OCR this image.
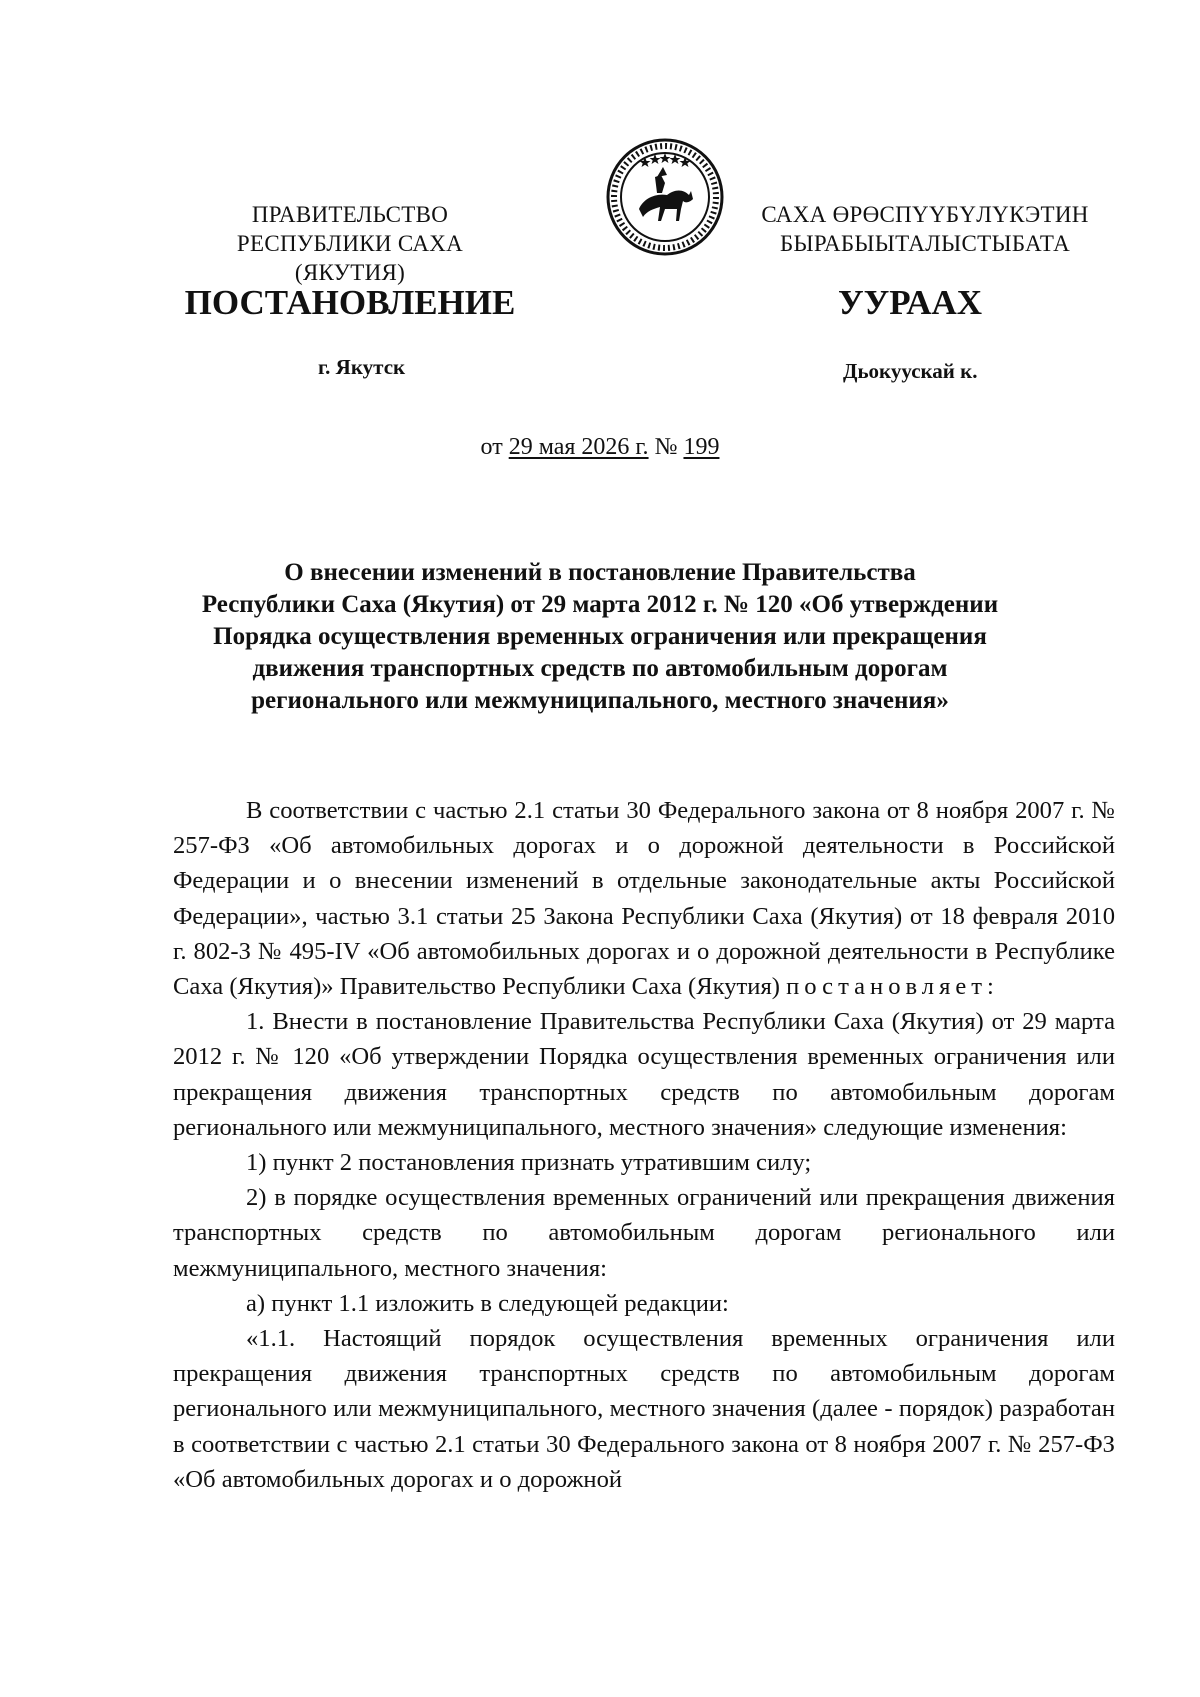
ПРАВИТЕЛЬСТВО
РЕСПУБЛИКИ САХА (ЯКУТИЯ)
САХА ӨРӨСПҮҮБҮЛҮКЭТИН
БЫРАБЫЫТАЛЫСТЫБАТА
ПОСТАНОВЛЕНИЕ	УУРААХ
г. Якутск	Дьокуускай к.
от 29 мая 2026 г. № 199
О внесении изменений в постановление Правительства
Республики Саха (Якутия) от 29 марта 2012 г. № 120 «Об утверждении
Порядка осуществления временных ограничения или прекращения
движения транспортных средств по автомобильным дорогам
регионального или межмуниципального, местного значения»

В соответствии с частью 2.1 статьи 30 Федерального закона от 8 ноября 2007 г. № 257-ФЗ «Об автомобильных дорогах и о дорожной деятельности в Российской Федерации и о внесении изменений в отдельные законодательные акты Российской Федерации», частью 3.1 статьи 25 Закона Республики Саха (Якутия) от 18 февраля 2010 г. 802-З № 495-IV «Об автомобильных дорогах и о дорожной деятельности в Республике Саха (Якутия)» Правительство Республики Саха (Якутия) постановляет:

1. Внести в постановление Правительства Республики Саха (Якутия) от 29 марта 2012 г. № 120 «Об утверждении Порядка осуществления временных ограничения или прекращения движения транспортных средств по автомобильным дорогам регионального или межмуниципального, местного значения» следующие изменения:

1) пункт 2 постановления признать утратившим силу;

2) в порядке осуществления временных ограничений или прекращения движения транспортных средств по автомобильным дорогам регионального или межмуниципального, местного значения:

а) пункт 1.1 изложить в следующей редакции:

«1.1. Настоящий порядок осуществления временных ограничения или прекращения движения транспортных средств по автомобильным дорогам регионального или межмуниципального, местного значения (далее - порядок) разработан в соответствии с частью 2.1 статьи 30 Федерального закона от 8 ноября 2007 г. № 257-ФЗ «Об автомобильных дорогах и о дорожной
